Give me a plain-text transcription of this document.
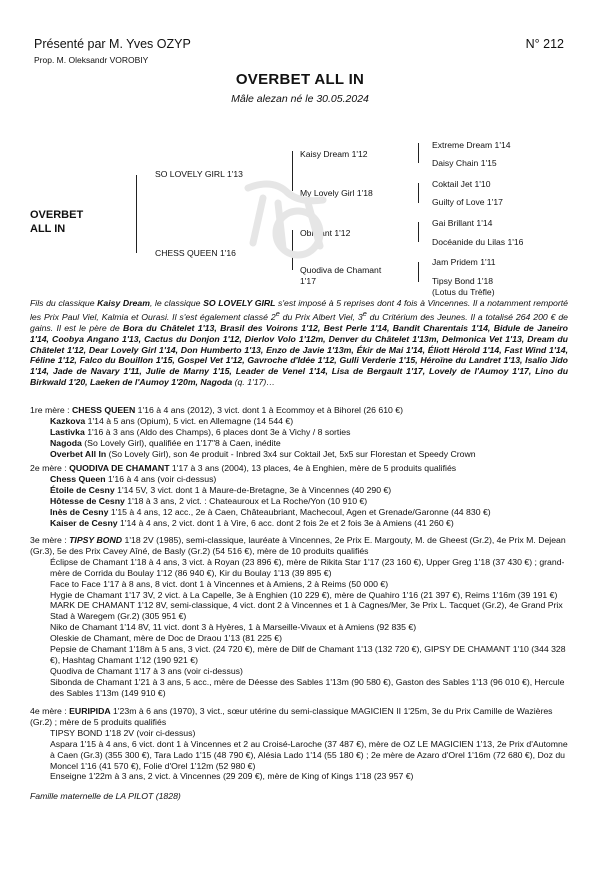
Présenté par M. Yves OZYP
Prop. M. Oleksandr VOROBIY
N° 212
OVERBET ALL IN
Mâle alezan né le 30.05.2024
OVERBET
ALL IN
SO LOVELY GIRL 1'13
CHESS QUEEN 1'16
Kaisy Dream 1'12
My Lovely Girl 1'18
Obrillant 1'12
Quodiva de Chamant
1'17
Extreme Dream 1'14
Daisy Chain 1'15
Coktail Jet 1'10
Guilty of Love 1'17
Gai Brillant 1'14
Docéanide du Lilas 1'16
Jam Pridem 1'11
Tipsy Bond 1'18
(Lotus du Trèfle)

Fils du classique Kaisy Dream, le classique SO LOVELY GIRL s'est imposé à 5 reprises dont 4 fois à Vincennes. Il a notamment remporté les Prix Paul Viel, Kalmia et Ourasi. Il s'est également classé 2e du Prix Albert Viel, 3e du Critérium des Jeunes. Il a totalisé 264 200 € de gains. Il est le père de Bora du Châtelet 1'13, Brasil des Voirons 1'12, Best Perle 1'14, Bandit Charentais 1'14, Bidule de Janeiro 1'14, Coobya Angano 1'13, Cactus du Donjon 1'12, Dierlov Volo 1'12m, Denver du Châtelet 1'13m, Delmonica Vet 1'13, Dream du Châtelet 1'12, Dear Lovely Girl 1'14, Don Humberto 1'13, Enzo de Javie 1'13m, Ékir de Mai 1'14, Éliott Hérold 1'14, Fast Wind 1'14, Féline 1'12, Falco du Bouillon 1'15, Gospel Vet 1'12, Gavroche d'Idée 1'12, Gulli Verderie 1'15, Héroïne du Landret 1'13, Isalio Jido 1'14, Jade de Navary 1'11, Julie de Marny 1'15, Leader de Venel 1'14, Lisa de Bergault 1'17, Lovely de l'Aumoy 1'17, Lino du Birkwald 1'20, Laeken de l'Aumoy 1'20m, Nagoda (q. 1'17)…

1re mère : CHESS QUEEN 1'16 à 4 ans (2012), 3 vict. dont 1 à Ecommoy et à Bihorel (26 610 €)

Kazkova 1'14 à 5 ans (Opium), 5 vict. en Allemagne (14 544 €)

Lastivka 1'16 à 3 ans (Aldo des Champs), 6 places dont 3e à Vichy / 8 sorties

Nagoda (So Lovely Girl), qualifiée en 1'17"8 à Caen, inédite

Overbet All In (So Lovely Girl), son 4e produit - Inbred 3x4 sur Coktail Jet, 5x5 sur Florestan et Speedy Crown

2e mère : QUODIVA DE CHAMANT 1'17 à 3 ans (2004), 13 places, 4e à Enghien, mère de 5 produits qualifiés

Chess Queen 1'16 à 4 ans (voir ci-dessus)

Étoile de Cesny 1'14 5V, 3 vict. dont 1 à Maure-de-Bretagne, 3e à Vincennes (40 290 €)

Hôtesse de Cesny 1'18 à 3 ans, 2 vict. : Chateauroux et La Roche/Yon (10 910 €)

Inès de Cesny 1'15 à 4 ans, 12 acc., 2e à Caen, Châteaubriant, Machecoul, Agen et Grenade/Garonne (44 830 €)

Kaiser de Cesny 1'14 à 4 ans, 2 vict. dont 1 à Vire, 6 acc. dont 2 fois 2e et 2 fois 3e à Amiens (41 260 €)

3e mère : TIPSY BOND 1'18 2V (1985), semi-classique, lauréate à Vincennes, 2e Prix E. Margouty, M. de Gheest (Gr.2), 4e Prix M. Dejean (Gr.3), 5e des Prix Cavey Aîné, de Basly (Gr.2) (54 516 €), mère de 10 produits qualifiés

Éclipse de Chamant 1'18 à 4 ans, 3 vict. à Royan (23 896 €), mère de Rikita Star 1'17 (23 160 €), Upper Greg 1'18 (37 430 €) ; grand-mère de Corrida du Boulay 1'12 (86 940 €), Kir du Boulay 1'13 (39 895 €)

Face to Face 1'17 à 8 ans, 8 vict. dont 1 à Vincennes et à Amiens, 2 à Reims (50 000 €)

Hygie de Chamant 1'17 3V, 2 vict. à La Capelle, 3e à Enghien (10 229 €), mère de Quahiro 1'16 (21 397 €), Reims 1'16m (39 191 €)

MARK DE CHAMANT 1'12 8V, semi-classique, 4 vict. dont 2 à Vincennes et 1 à Cagnes/Mer, 3e Prix L. Tacquet (Gr.2), 4e Grand Prix Stad à Waregem (Gr.2) (305 951 €)

Niko de Chamant 1'14 8V, 11 vict. dont 3 à Hyères, 1 à Marseille-Vivaux et à Amiens (92 835 €)

Oleskie de Chamant, mère de Doc de Draou 1'13 (81 225 €)

Pepsie de Chamant 1'18m à 5 ans, 3 vict. (24 720 €), mère de Dilf de Chamant 1'13 (132 720 €), GIPSY DE CHAMANT 1'10 (344 328 €), Hashtag Chamant 1'12 (190 921 €)

Quodiva de Chamant 1'17 à 3 ans (voir ci-dessus)

Sibonda de Chamant 1'21 à 3 ans, 5 acc., mère de Déesse des Sables 1'13m (90 580 €), Gaston des Sables 1'13 (96 010 €), Hercule des Sables 1'13m (149 910 €)

4e mère : EURIPIDA 1'23m à 6 ans (1970), 3 vict., sœur utérine du semi-classique MAGICIEN II 1'25m, 3e du Prix Camille de Wazières (Gr.2) ; mère de 5 produits qualifiés

TIPSY BOND 1'18 2V (voir ci-dessus)

Aspara 1'15 à 4 ans, 6 vict. dont 1 à Vincennes et 2 au Croisé-Laroche (37 487 €), mère de OZ LE MAGICIEN 1'13, 2e Prix d'Automne à Caen (Gr.3) (355 300 €), Tara Lado 1'15 (48 790 €), Alésia Lado 1'14 (55 180 €) ; 2e mère de Azaro d'Orel 1'16m (72 680 €), Doz du Moncel 1'16 (41 570 €), Folie d'Orel 1'12m (52 980 €)

Enseigne 1'22m à 3 ans, 2 vict. à Vincennes (29 209 €), mère de King of Kings 1'18 (23 957 €)

Famille maternelle de LA PILOT (1828)
